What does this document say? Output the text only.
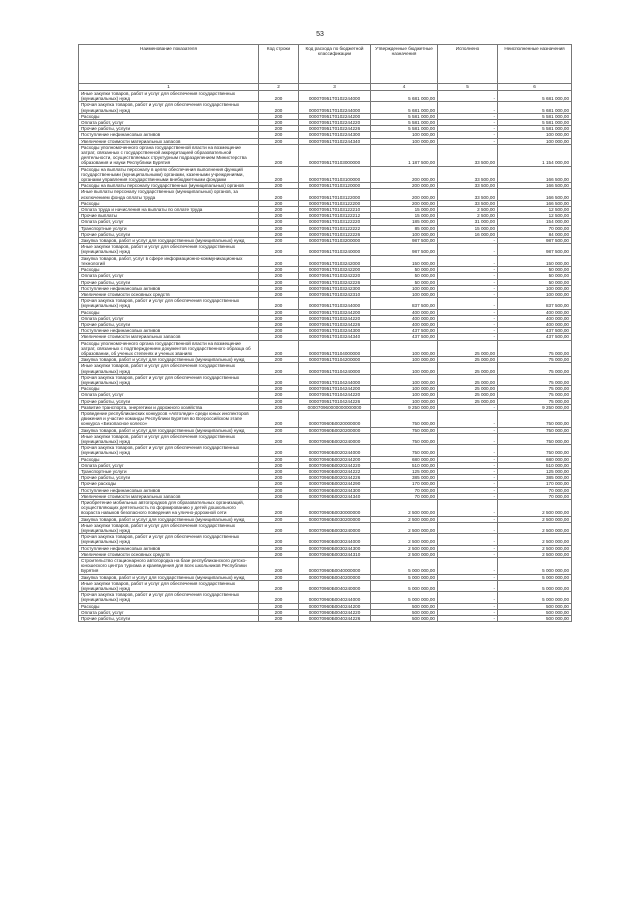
53
Наименование показателя	Код строки	Код расхода по бюджетной классификации	Утвержденные бюджетные назначения	Исполнено	Неисполненные назначения
1	2	3	4	5	6
Иные закупки товаров, работ и услуг для обеспечения государственных (муниципальных) нужд	200	000070951Т0102244000	5 681 000,00	-	5 681 000,00
Прочая закупка товаров, работ и услуг для обеспечения государственных (муниципальных) нужд	200	000070951Т0102244000	5 681 000,00	-	5 681 000,00
Расходы	200	000070951Т0102244200	5 581 000,00	-	5 581 000,00
Оплата работ, услуг	200	000070951Т0102244220	5 581 000,00	-	5 581 000,00
Прочие работы, услуги	200	000070951Т0102244226	5 581 000,00	-	5 581 000,00
Поступление нефинансовых активов	200	000070951Т0102244300	100 000,00	-	100 000,00
Увеличение стоимости материальных запасов	200	000070951Т0102244340	100 000,00	-	100 000,00
Расходы уполномоченного органа государственной власти на возмещение затрат, связанных с государственной аккредитацией образовательной деятельности, осуществляемых структурным подразделением Министерства образования и науки Республики Бурятия	200	000070951Т0103000000	1 187 500,00	33 500,00	1 154 000,00
Расходы на выплаты персоналу в целях обеспечения выполнения функций государственными (муниципальными) органами, казенными учреждениями, органами управления государственными внебюджетными фондами	200	000070951Т0103100000	200 000,00	33 500,00	166 500,00
Расходы на выплаты персоналу государственных (муниципальных) органов	200	000070951Т0103120000	200 000,00	33 500,00	166 500,00
Иные выплаты персоналу государственных (муниципальных) органов, за исключением фонда оплаты труда	200	000070951Т0103122000	200 000,00	33 500,00	166 500,00
Расходы	200	000070951Т0103122200	200 000,00	33 500,00	166 500,00
Оплата труда и начисления на выплаты по оплате труда	200	000070951Т0103122210	15 000,00	2 500,00	12 500,00
Прочие выплаты	200	000070951Т0103122212	15 000,00	2 500,00	12 500,00
Оплата работ, услуг	200	000070951Т0103122220	185 000,00	31 000,00	154 000,00
Транспортные услуги	200	000070951Т0103122222	85 000,00	15 000,00	70 000,00
Прочие работы, услуги	200	000070951Т0103122226	100 000,00	16 000,00	84 000,00
Закупка товаров, работ и услуг для государственных (муниципальных) нужд	200	000070951Т0103200000	987 500,00	-	987 500,00
Иные закупки товаров, работ и услуг для обеспечения государственных (муниципальных) нужд	200	000070951Т0103240000	987 500,00	-	987 500,00
Закупка товаров, работ, услуг в сфере информационно-коммуникационных технологий	200	000070951Т0103242000	150 000,00	-	150 000,00
Расходы	200	000070951Т0103242200	50 000,00	-	50 000,00
Оплата работ, услуг	200	000070951Т0103242220	50 000,00	-	50 000,00
Прочие работы, услуги	200	000070951Т0103242226	50 000,00	-	50 000,00
Поступление нефинансовых активов	200	000070951Т0103242300	100 000,00	-	100 000,00
Увеличение стоимости основных средств	200	000070951Т0103242310	100 000,00	-	100 000,00
Прочая закупка товаров, работ и услуг для обеспечения государственных (муниципальных) нужд	200	000070951Т0103244000	837 500,00	-	837 500,00
Расходы	200	000070951Т0103244200	400 000,00	-	400 000,00
Оплата работ, услуг	200	000070951Т0103244220	400 000,00	-	400 000,00
Прочие работы, услуги	200	000070951Т0103244226	400 000,00	-	400 000,00
Поступление нефинансовых активов	200	000070951Т0103244300	437 500,00	-	437 500,00
Увеличение стоимости материальных запасов	200	000070951Т0103244340	437 500,00	-	437 500,00
Расходы уполномоченного органа государственной власти на возмещение затрат, связанных с подтверждением документов государственного образца об образовании, об ученых степенях и ученых званиях	200	000070951Т0104000000	100 000,00	25 000,00	75 000,00
Закупка товаров, работ и услуг для государственных (муниципальных) нужд	200	000070951Т0104200000	100 000,00	25 000,00	75 000,00
Иные закупки товаров, работ и услуг для обеспечения государственных (муниципальных) нужд	200	000070951Т0104240000	100 000,00	25 000,00	75 000,00
Прочая закупка товаров, работ и услуг для обеспечения государственных (муниципальных) нужд	200	000070951Т0104244000	100 000,00	25 000,00	75 000,00
Расходы	200	000070951Т0104244200	100 000,00	25 000,00	75 000,00
Оплата работ, услуг	200	000070951Т0104244220	100 000,00	25 000,00	75 000,00
Прочие работы, услуги	200	000070951Т0104244226	100 000,00	25 000,00	75 000,00
Развитие транспорта, энергетики и дорожного хозяйства	200	000070960000000000000	9 250 000,00	-	9 250 000,00
Проведение республиканских конкурсов «Автоледи» среди юных инспекторов движения и участие команды Республики Бурятия во Всероссийском этапе конкурса «Безопасное колесо»	200	000070960Б0020000000	750 000,00	-	750 000,00
Закупка товаров, работ и услуг для государственных (муниципальных) нужд	200	000070960Б0020200000	750 000,00	-	750 000,00
Иные закупки товаров, работ и услуг для обеспечения государственных (муниципальных) нужд	200	000070960Б0020240000	750 000,00	-	750 000,00
Прочая закупка товаров, работ и услуг для обеспечения государственных (муниципальных) нужд	200	000070960Б0020244000	750 000,00	-	750 000,00
Расходы	200	000070960Б0020244200	680 000,00	-	680 000,00
Оплата работ, услуг	200	000070960Б0020244220	510 000,00	-	510 000,00
Транспортные услуги	200	000070960Б0020244222	125 000,00	-	125 000,00
Прочие работы, услуги	200	000070960Б0020244226	385 000,00	-	385 000,00
Прочие расходы	200	000070960Б0020244290	170 000,00	-	170 000,00
Поступление нефинансовых активов	200	000070960Б0020244300	70 000,00	-	70 000,00
Увеличение стоимости материальных запасов	200	000070960Б0020244340	70 000,00	-	70 000,00
Приобретение мобильных автогородков для образовательных организаций, осуществляющих деятельность по формированию у детей дошкольного возраста навыков безопасного поведения на улично-дорожной сети	200	000070960Б0030000000	2 500 000,00	-	2 500 000,00
Закупка товаров, работ и услуг для государственных (муниципальных) нужд	200	000070960Б0030200000	2 500 000,00	-	2 500 000,00
Иные закупки товаров, работ и услуг для обеспечения государственных (муниципальных) нужд	200	000070960Б0030240000	2 500 000,00	-	2 500 000,00
Прочая закупка товаров, работ и услуг для обеспечения государственных (муниципальных) нужд	200	000070960Б0030244000	2 500 000,00	-	2 500 000,00
Поступление нефинансовых активов	200	000070960Б0030244300	2 500 000,00	-	2 500 000,00
Увеличение стоимости основных средств	200	000070960Б0030244310	2 500 000,00	-	2 500 000,00
Строительство стационарного автогородка на базе республиканского детско-юношеского центра туризма и краеведения для всех школьников Республики Бурятия	200	000070960Б0040000000	5 000 000,00	-	5 000 000,00
Закупка товаров, работ и услуг для государственных (муниципальных) нужд	200	000070960Б0040200000	5 000 000,00	-	5 000 000,00
Иные закупки товаров, работ и услуг для обеспечения государственных (муниципальных) нужд	200	000070960Б0040240000	5 000 000,00	-	5 000 000,00
Прочая закупка товаров, работ и услуг для обеспечения государственных (муниципальных) нужд	200	000070960Б0040244000	5 000 000,00	-	5 000 000,00
Расходы	200	000070960Б0040244200	500 000,00	-	500 000,00
Оплата работ, услуг	200	000070960Б0040244220	500 000,00	-	500 000,00
Прочие работы, услуги	200	000070960Б0040244226	500 000,00	-	500 000,00
